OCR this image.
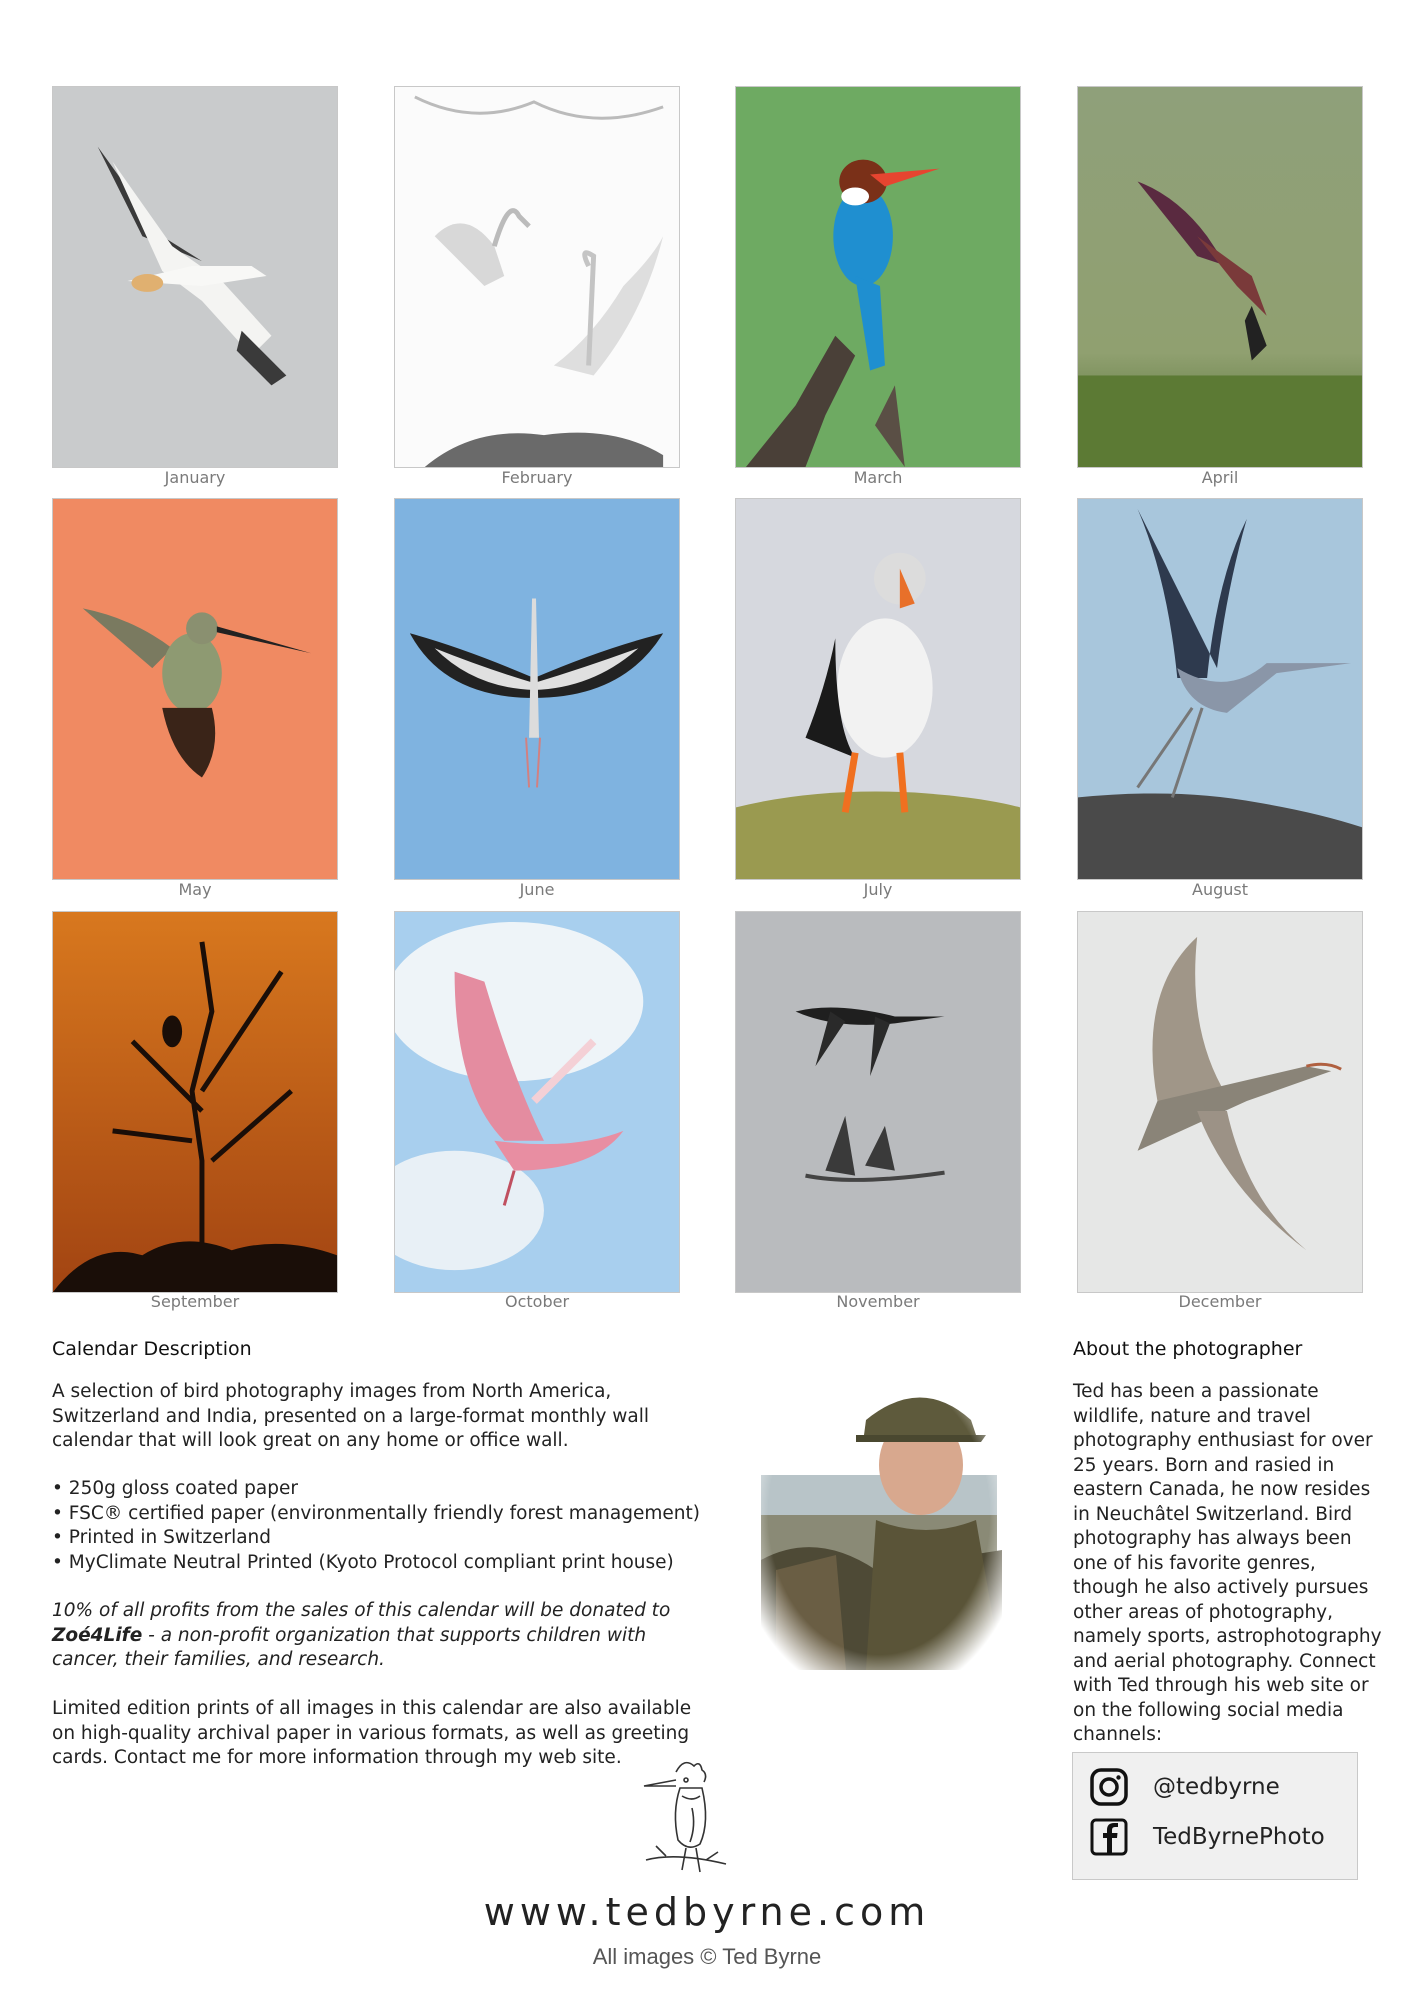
January	February	March	April
May	June	July	August
September	October	November	December
Calendar Description
A selection of bird photography images from North America, Switzerland and India, presented on a large-format monthly wall calendar that will look great on any home or office wall.
• 250g gloss coated paper
• FSC® certified paper (environmentally friendly forest management)
• Printed in Switzerland
• MyClimate Neutral Printed (Kyoto Protocol compliant print house)
10% of all profits from the sales of this calendar will be donated to
Zoé4Life - a non-profit organization that supports children with cancer, their families, and research.
Limited edition prints of all images in this calendar are also available on high-quality archival paper in various formats, as well as greeting cards. Contact me for more information through my web site.
About the photographer
Ted has been a passionate wildlife, nature and travel photography enthusiast for over 25 years. Born and rasied in eastern Canada, he now resides in Neuchâtel Switzerland. Bird photography has always been one of his favorite genres, though he also actively pursues other areas of photography, namely sports, astrophotography and aerial photography. Connect with Ted through his web site or on the following social media channels:
@tedbyrne
TedByrnePhoto
www.tedbyrne.com
All images © Ted Byrne
